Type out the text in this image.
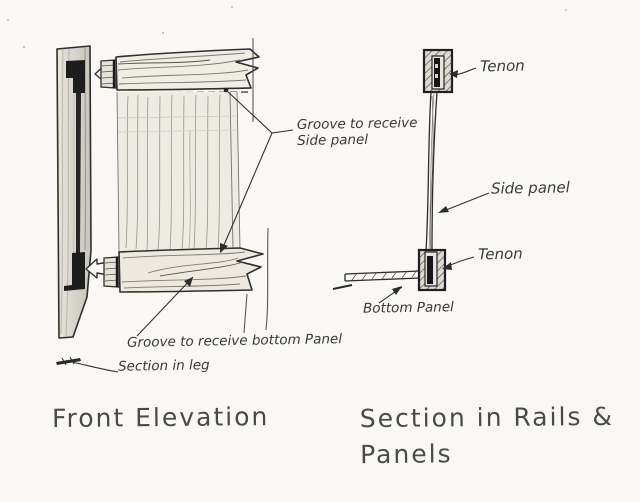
Groove to receive
Side panel
Tenon
Side panel
Tenon
Bottom Panel
Groove to receive bottom Panel
Section in leg
Front Elevation	Section in Rails &
Panels
